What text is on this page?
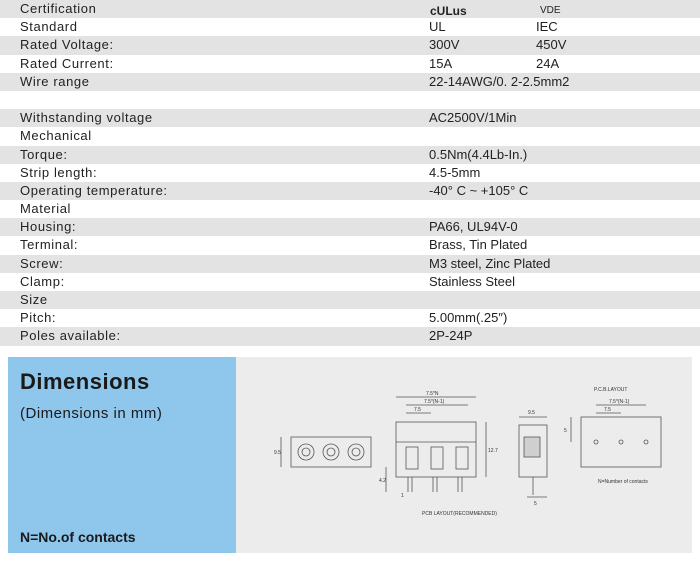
Certification	cULus	VDE
Standard	UL	IEC
Rated Voltage:	300V	450V
Rated Current:	15A	24A
Wire range	22-14AWG/0. 2-2.5mm2
Withstanding voltage	AC2500V/1Min
Mechanical
Torque:	0.5Nm(4.4Lb-In.)
Strip length:	4.5-5mm
Operating temperature:	-40° C ~ +105° C
Material
Housing:	PA66, UL94V-0
Terminal:	Brass, Tin Plated
Screw:	M3 steel, Zinc Plated
Clamp:	Stainless Steel
Size
Pitch:	5.00mm(.25″)
Poles available:	2P-24P
Dimensions
(Dimensions in mm)
N=No.of contacts
9.5
7.5*N
7.5*(N-1)
7.5
12.7
4.2
1
9.5
5
P.C.B.LAYOUT
7.5*(N-1)
7.5
5
N=Number of contacts
PCB LAYOUT(RECOMMENDED)
